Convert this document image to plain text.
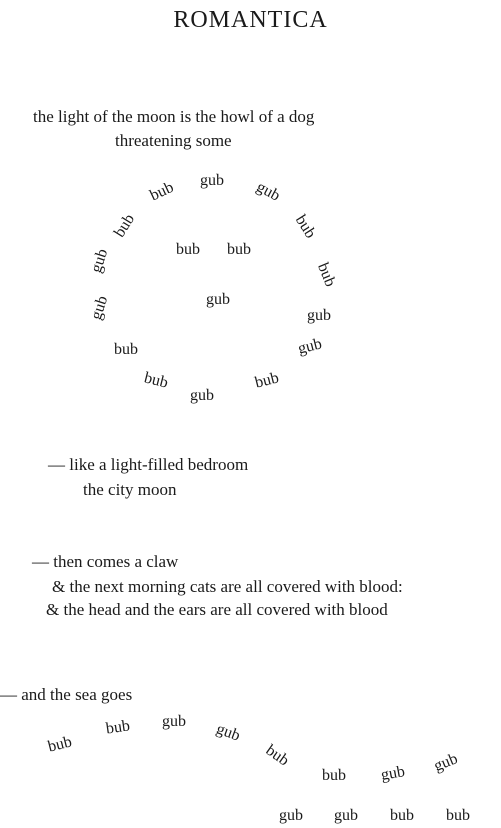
ROMANTICA
the light of the moon is the howl of a dog
threatening some
gub
bub	gub
bub	bub
gub	bub bub
gub
bub
gub
bub
gub
gub
bub	bub
gub
— like a light-filled bedroom
the city moon
— then comes a claw
& the next morning cats are all covered with blood:
& the head and the ears are all covered with blood
— and the sea goes
bub
bub gub gub
bub
bub gub gub
gub gub bub bub
